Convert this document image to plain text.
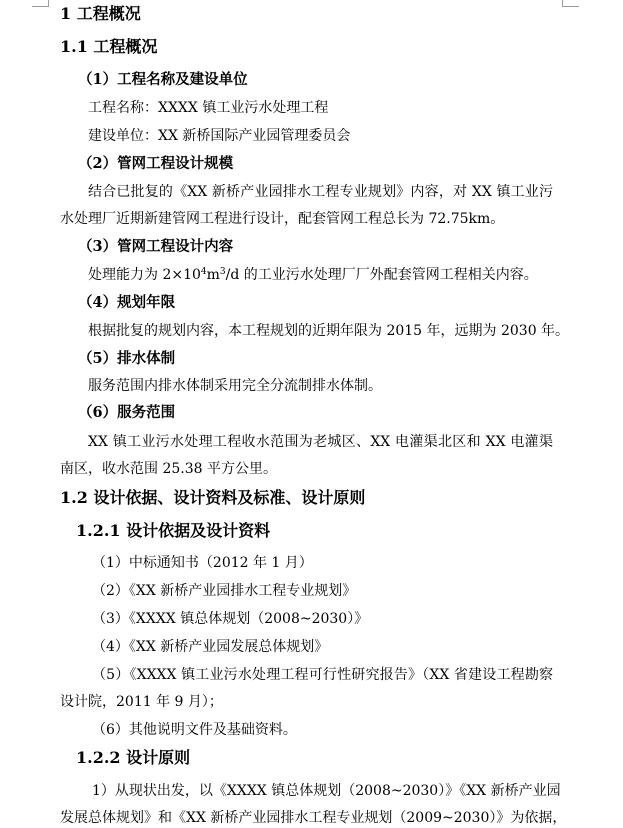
1 工程概况
1.1 工程概况
（1）工程名称及建设单位
工程名称：XXXX 镇工业污水处理工程
建设单位：XX 新桥国际产业园管理委员会
（2）管网工程设计规模
结合已批复的《XX 新桥产业园排水工程专业规划》内容，对 XX 镇工业污
水处理厂近期新建管网工程进行设计，配套管网工程总长为 72.75km。
（3）管网工程设计内容
处理能力为 $2\times 10^4m^3/d$ 的工业污水处理厂厂外配套管网工程相关内容。
（4）规划年限
根据批复的规划内容，本工程规划的近期年限为 2015 年，远期为 2030 年。
（5）排水体制
服务范围内排水体制采用完全分流制排水体制。
（6）服务范围
XX 镇工业污水处理工程收水范围为老城区、XX 电灌渠北区和 XX 电灌渠
南区，收水范围 25.38 平方公里。
1.2 设计依据、设计资料及标准、设计原则
1.2.1 设计依据及设计资料
（1）中标通知书（2012 年 1 月）
（2）《XX 新桥产业园排水工程专业规划》
（3）《XXXX 镇总体规划（2008~2030）》
（4）《XX 新桥产业园发展总体规划》
（5）《XXXX 镇工业污水处理工程可行性研究报告》（XX 省建设工程勘察
设计院，2011 年 9 月）；
（6）其他说明文件及基础资料。
1.2.2 设计原则
1）从现状出发，以《XXXX 镇总体规划（2008~2030）》《XX 新桥产业园
发展总体规划》和《XX 新桥产业园排水工程专业规划（2009~2030）》为依据，
